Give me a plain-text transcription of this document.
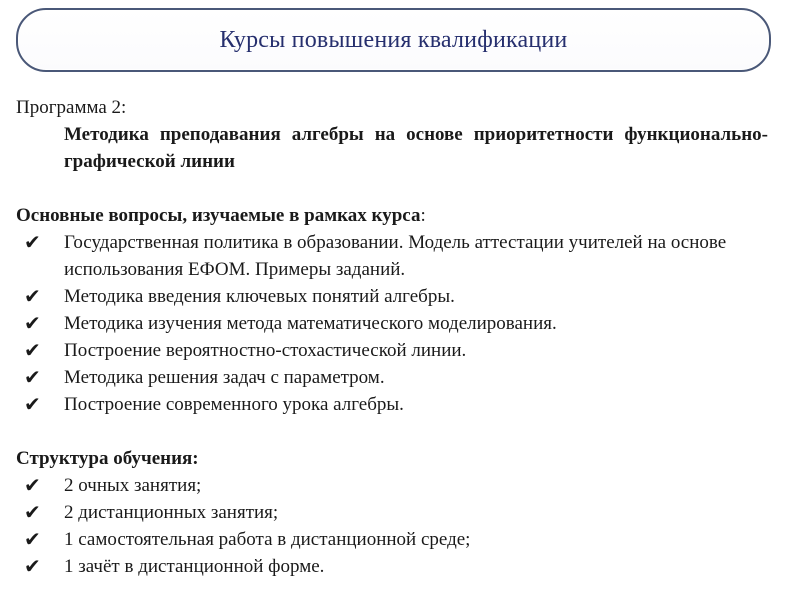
Курсы повышения квалификации

Программа 2:

Методика преподавания алгебры на основе приоритетности функционально-графической линии

Основные вопросы, изучаемые в рамках курса:

✔ Государственная политика в образовании. Модель аттестации учителей на основе использования ЕФОМ. Примеры заданий.
✔ Методика введения ключевых понятий алгебры.
✔ Методика изучения метода математического моделирования.
✔ Построение вероятностно-стохастической линии.
✔ Методика решения задач с параметром.
✔ Построение современного урока алгебры.

Структура обучения:

✔ 2 очных занятия;
✔ 2 дистанционных занятия;
✔ 1 самостоятельная работа в дистанционной среде;
✔ 1 зачёт в дистанционной форме.
